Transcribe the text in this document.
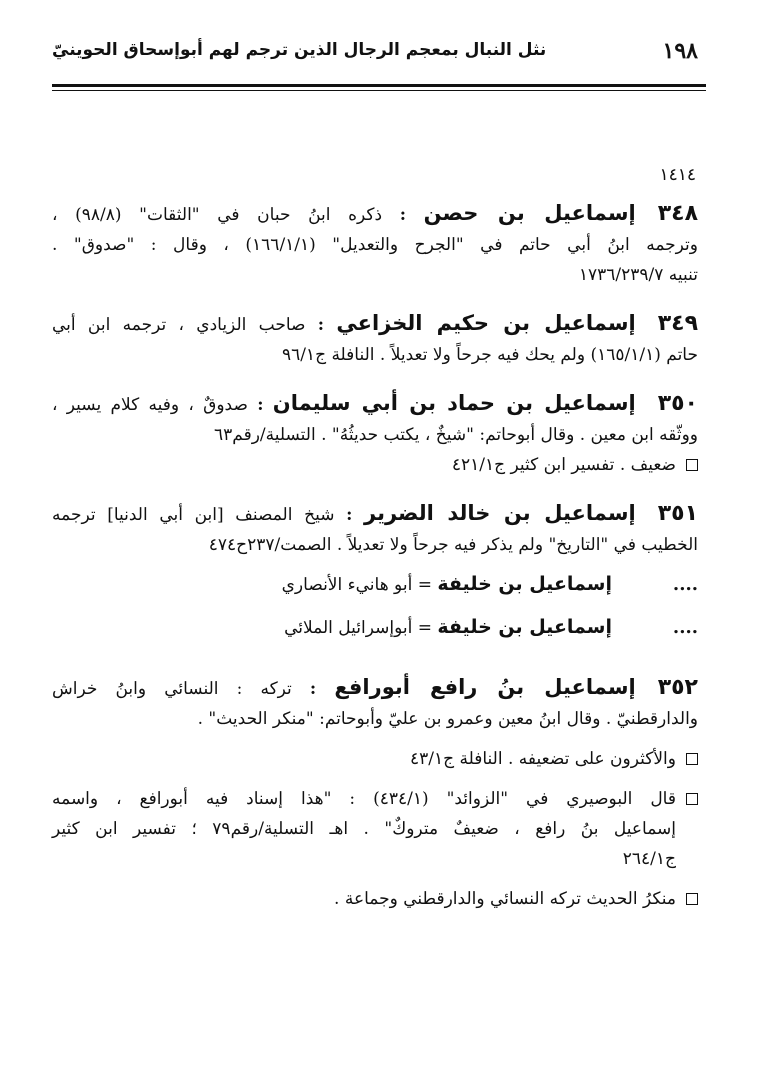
١٩٨
نثل النبال بمعجم الرجال الذين ترجم لهم أبوإسحاق الحوينيّ
١٤١٤
٣٤٨إسماعيل بن حصن : ذكره ابنُ حبان في "الثقات" (٩٨/٨) ،
وترجمه ابنُ أبي حاتم في "الجرح والتعديل" (١٦٦/١/١) ، وقال : "صدوق" .
تنبيه ١٧٣٦/٢٣٩/٧
٣٤٩إسماعيل بن حكيم الخزاعي : صاحب الزيادي ، ترجمه ابن أبي
حاتم (١٦٥/١/١) ولم يحك فيه جرحاً ولا تعديلاً . النافلة ج٩٦/١
٣٥٠إسماعيل بن حماد بن أبي سليمان : صدوقٌ ، وفيه كلام يسير ،
ووثّقه ابن معين . وقال أبوحاتم: "شيخٌ ، يكتب حديثُهُ" . التسلية/رقم٦٣
ضعيف . تفسير ابن كثير ج٤٢١/١
٣٥١إسماعيل بن خالد الضرير : شيخ المصنف [ابن أبي الدنيا] ترجمه
الخطيب في "التاريخ" ولم يذكر فيه جرحاً ولا تعديلاً . الصمت/٢٣٧ح٤٧٤
....إسماعيل بن خليفة = أبو هانيء الأنصاري
....إسماعيل بن خليفة = أبوإسرائيل الملائي
٣٥٢إسماعيل بنُ رافع أبورافع : تركه : النسائي وابنُ خراش
والدارقطنيّ . وقال ابنُ معين وعمرو بن عليّ وأبوحاتم: "منكر الحديث" .
والأكثرون على تضعيفه . النافلة ج٤٣/١
قال البوصيري في "الزوائد" (٤٣٤/١) : "هذا إسناد فيه أبورافع ، واسمه
إسماعيل بنُ رافع ، ضعيفٌ متروكٌ" . اهـ التسلية/رقم٧٩ ؛ تفسير ابن كثير
ج٢٦٤/١
منكرُ الحديث تركه النسائي والدارقطني وجماعة .
